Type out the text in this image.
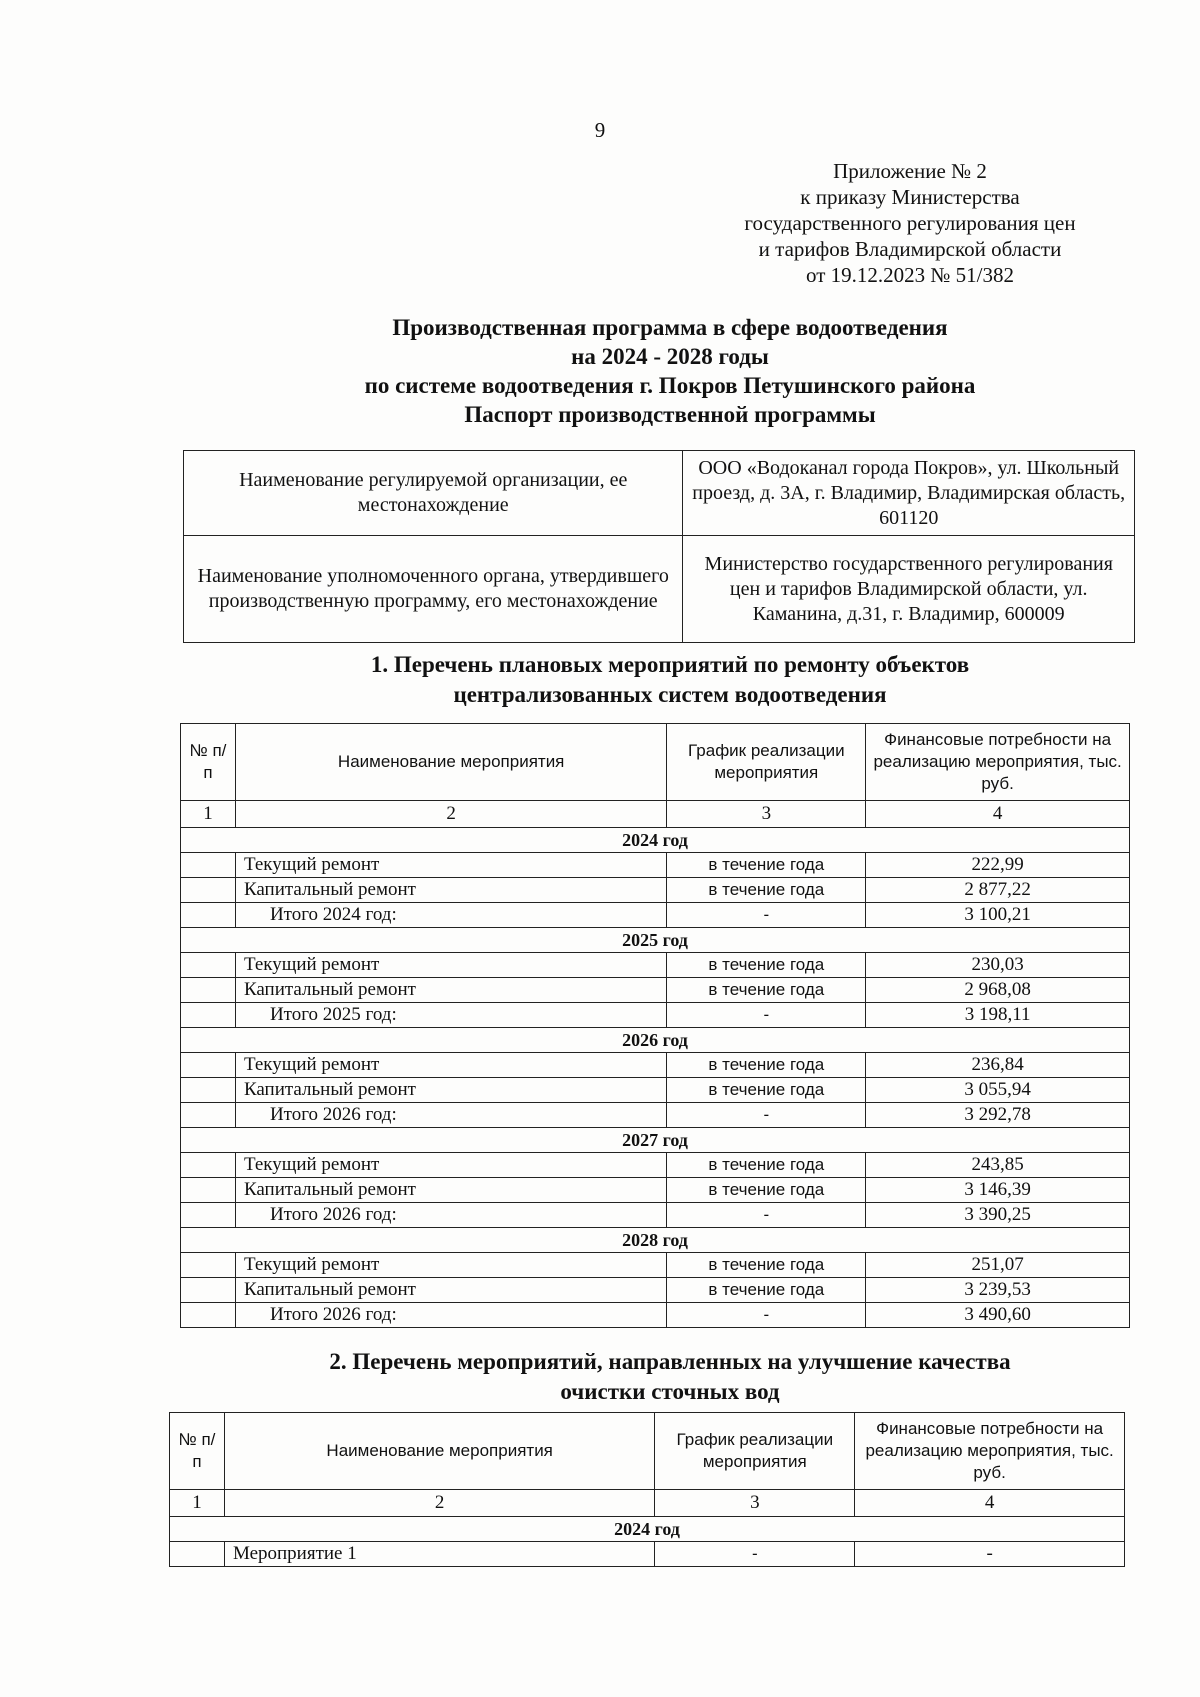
9
Приложение № 2
к приказу Министерства
государственного регулирования цен
и тарифов Владимирской области
от 19.12.2023 № 51/382
Производственная программа в сфере водоотведения
на 2024 - 2028 годы
по системе водоотведения г. Покров Петушинского района
Паспорт производственной программы
Наименование регулируемой организации, ее местонахождение	ООО «Водоканал города Покров», ул. Школьный проезд, д. 3А, г. Владимир, Владимирская область, 601120
Наименование уполномоченного органа, утвердившего производственную программу, его местонахождение	Министерство государственного регулирования цен и тарифов Владимирской области, ул. Каманина, д.31, г. Владимир, 600009
1. Перечень плановых мероприятий по ремонту объектов
централизованных систем водоотведения
№ п/п	Наименование мероприятия	График реализации мероприятия	Финансовые потребности на реализацию мероприятия, тыс. руб.
1	2	3	4
2024 год			
	Текущий ремонт	в течение года	222,99
	Капитальный ремонт	в течение года	2 877,22
	Итого 2024 год:	-	3 100,21
2025 год			
	Текущий ремонт	в течение года	230,03
	Капитальный ремонт	в течение года	2 968,08
	Итого 2025 год:	-	3 198,11
2026 год			
	Текущий ремонт	в течение года	236,84
	Капитальный ремонт	в течение года	3 055,94
	Итого 2026 год:	-	3 292,78
2027 год			
	Текущий ремонт	в течение года	243,85
	Капитальный ремонт	в течение года	3 146,39
	Итого 2026 год:	-	3 390,25
2028 год			
	Текущий ремонт	в течение года	251,07
	Капитальный ремонт	в течение года	3 239,53
	Итого 2026 год:	-	3 490,60
2. Перечень мероприятий, направленных на улучшение качества
очистки сточных вод
№ п/п	Наименование мероприятия	График реализации мероприятия	Финансовые потребности на реализацию мероприятия, тыс. руб.
1	2	3	4
2024 год			
	Мероприятие 1	-	-
